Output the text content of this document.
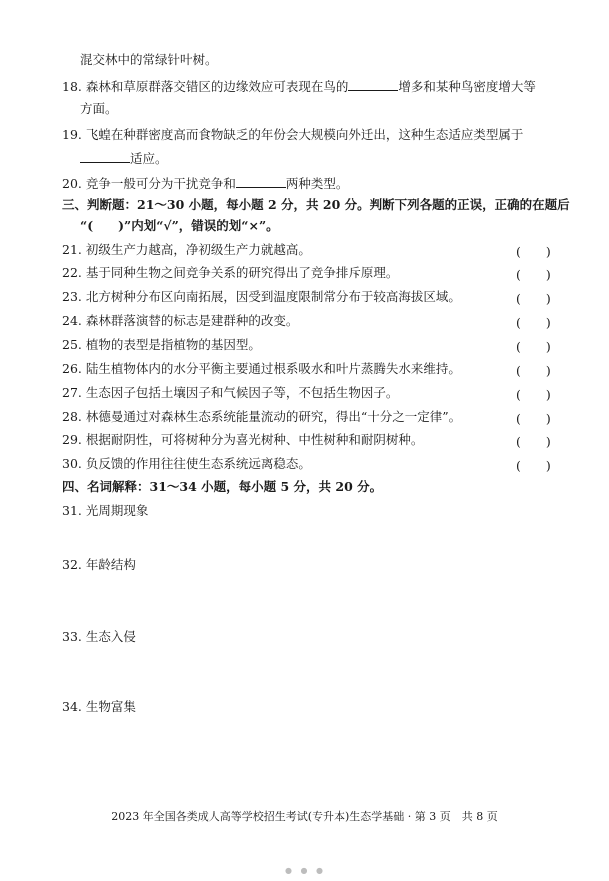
混交林中的常绿针叶树。
18. 森林和草原群落交错区的边缘效应可表现在鸟的	增多和某种鸟密度增大等
方面。
19. 飞蝗在种群密度高而食物缺乏的年份会大规模向外迁出，这种生态适应类型属于
适应。
20. 竞争一般可分为干扰竞争和	两种类型。
三、判断题：21～30 小题，每小题 2 分，共 20 分。判断下列各题的正误，正确的在题后
“(　　)”内划“√”，错误的划“×”。
21. 初级生产力越高，净初级生产力就越高。	(　　)
22. 基于同种生物之间竞争关系的研究得出了竞争排斥原理。	(　　)
23. 北方树种分布区向南拓展，因受到温度限制常分布于较高海拔区域。	(　　)
24. 森林群落演替的标志是建群种的改变。	(　　)
25. 植物的表型是指植物的基因型。	(　　)
26. 陆生植物体内的水分平衡主要通过根系吸水和叶片蒸腾失水来维持。	(　　)
27. 生态因子包括土壤因子和气候因子等，不包括生物因子。	(　　)
28. 林德曼通过对森林生态系统能量流动的研究，得出“十分之一定律”。	(　　)
29. 根据耐阴性，可将树种分为喜光树种、中性树种和耐阴树种。	(　　)
30. 负反馈的作用往往使生态系统远离稳态。	(　　)
四、名词解释：31～34 小题，每小题 5 分，共 20 分。
31. 光周期现象
32. 年龄结构
33. 生态入侵
34. 生物富集
2023 年全国各类成人高等学校招生考试(专升本)生态学基础 · 第 3 页　共 8 页
● ● ●
